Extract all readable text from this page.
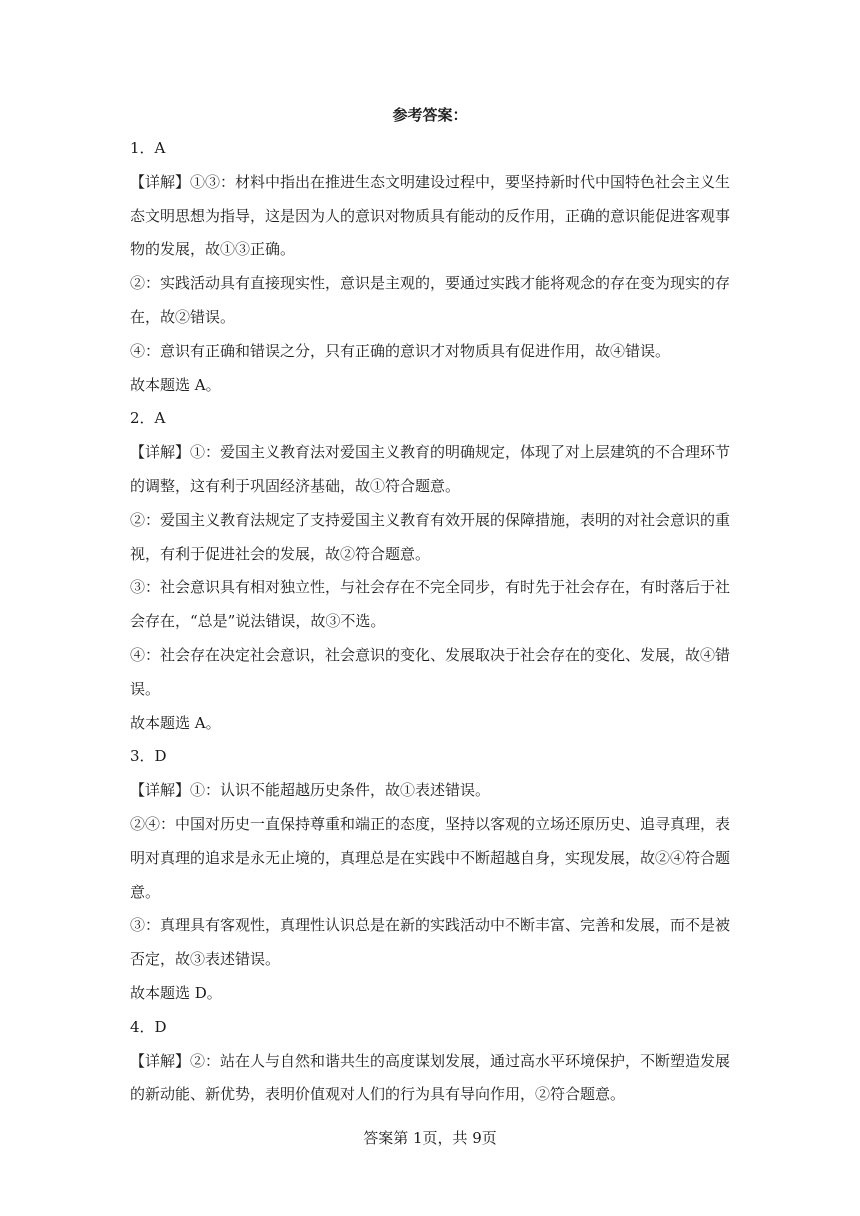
参考答案：
1．A
【详解】①③：材料中指出在推进生态文明建设过程中，要坚持新时代中国特色社会主义生
态文明思想为指导，这是因为人的意识对物质具有能动的反作用，正确的意识能促进客观事
物的发展，故①③正确。
②：实践活动具有直接现实性，意识是主观的，要通过实践才能将观念的存在变为现实的存
在，故②错误。
④：意识有正确和错误之分，只有正确的意识才对物质具有促进作用，故④错误。
故本题选 A。
2．A
【详解】①：爱国主义教育法对爱国主义教育的明确规定，体现了对上层建筑的不合理环节
的调整，这有利于巩固经济基础，故①符合题意。
②：爱国主义教育法规定了支持爱国主义教育有效开展的保障措施，表明的对社会意识的重
视，有利于促进社会的发展，故②符合题意。
③：社会意识具有相对独立性，与社会存在不完全同步，有时先于社会存在，有时落后于社
会存在，“总是”说法错误，故③不选。
④：社会存在决定社会意识，社会意识的变化、发展取决于社会存在的变化、发展，故④错
误。
故本题选 A。
3．D
【详解】①：认识不能超越历史条件，故①表述错误。
②④：中国对历史一直保持尊重和端正的态度，坚持以客观的立场还原历史、追寻真理，表
明对真理的追求是永无止境的，真理总是在实践中不断超越自身，实现发展，故②④符合题
意。
③：真理具有客观性，真理性认识总是在新的实践活动中不断丰富、完善和发展，而不是被
否定，故③表述错误。
故本题选 D。
4．D
【详解】②：站在人与自然和谐共生的高度谋划发展，通过高水平环境保护，不断塑造发展
的新动能、新优势，表明价值观对人们的行为具有导向作用，②符合题意。
答案第 1页，共 9页
